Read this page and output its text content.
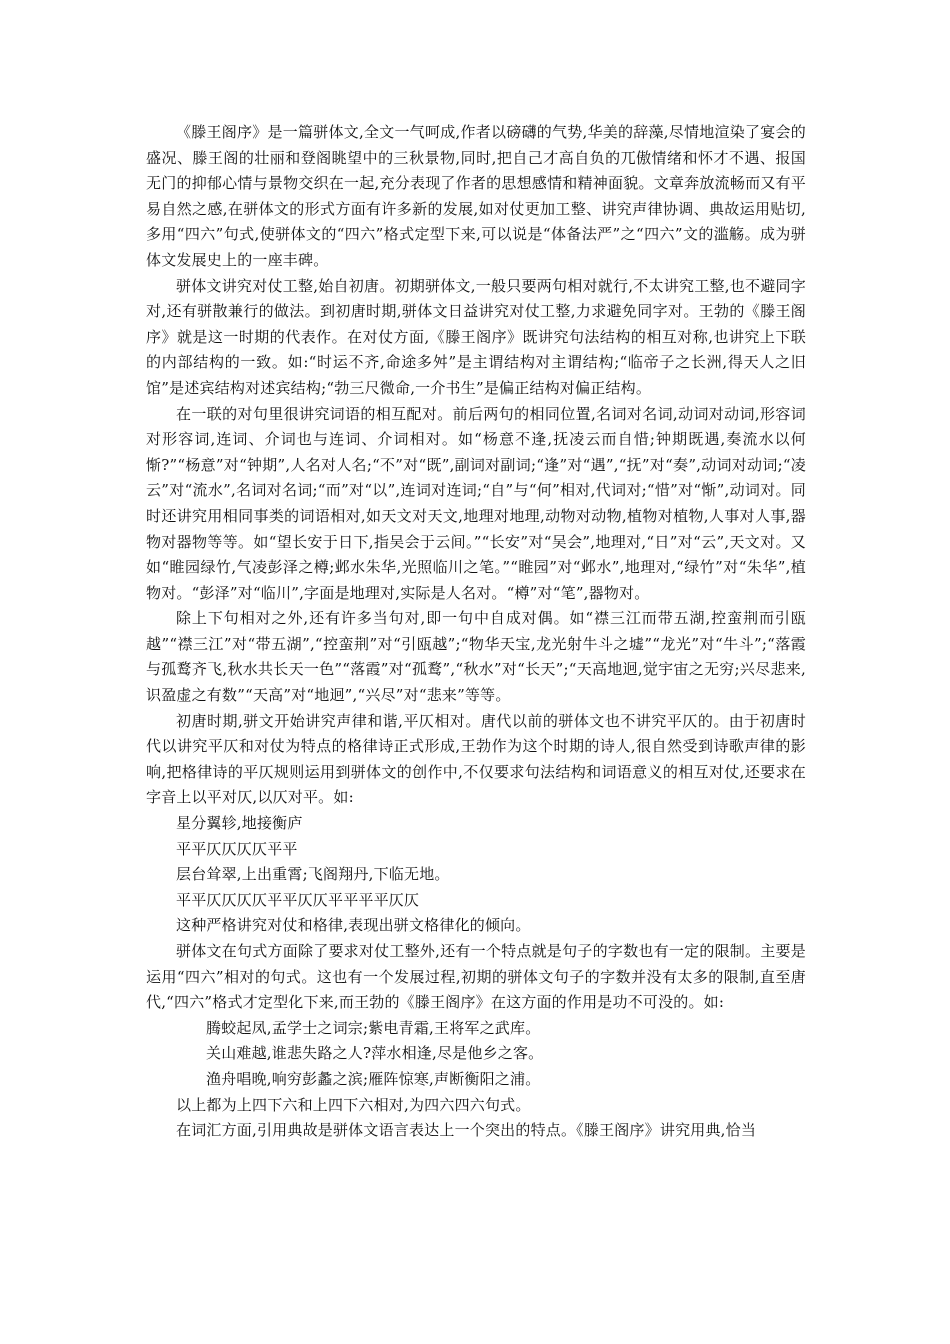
《滕王阁序》是一篇骈体文,全文一气呵成,作者以磅礴的气势,华美的辞藻,尽情地渲染了宴会的盛况、滕王阁的壮丽和登阁眺望中的三秋景物,同时,把自己才高自负的兀傲情绪和怀才不遇、报国无门的抑郁心情与景物交织在一起,充分表现了作者的思想感情和精神面貌。文章奔放流畅而又有平易自然之感,在骈体文的形式方面有许多新的发展,如对仗更加工整、讲究声律协调、典故运用贴切,多用“四六”句式,使骈体文的“四六”格式定型下来,可以说是“体备法严”之“四六”文的滥觞。成为骈体文发展史上的一座丰碑。

骈体文讲究对仗工整,始自初唐。初期骈体文,一般只要两句相对就行,不太讲究工整,也不避同字对,还有骈散兼行的做法。到初唐时期,骈体文日益讲究对仗工整,力求避免同字对。王勃的《滕王阁序》就是这一时期的代表作。在对仗方面,《滕王阁序》既讲究句法结构的相互对称,也讲究上下联的内部结构的一致。如:“时运不齐,命途多舛”是主谓结构对主谓结构;“临帝子之长洲,得天人之旧馆”是述宾结构对述宾结构;“勃三尺微命,一介书生”是偏正结构对偏正结构。

在一联的对句里很讲究词语的相互配对。前后两句的相同位置,名词对名词,动词对动词,形容词对形容词,连词、介词也与连词、介词相对。如“杨意不逢,抚凌云而自惜;钟期既遇,奏流水以何惭?”“杨意”对“钟期”,人名对人名;“不”对“既”,副词对副词;“逢”对“遇”,“抚”对“奏”,动词对动词;“凌云”对“流水”,名词对名词;“而”对“以”,连词对连词;“自”与“何”相对,代词对;“惜”对“惭”,动词对。同时还讲究用相同事类的词语相对,如天文对天文,地理对地理,动物对动物,植物对植物,人事对人事,器物对器物等等。如“望长安于日下,指吴会于云间。”“长安”对“吴会”,地理对,“日”对“云”,天文对。又如“睢园绿竹,气凌彭泽之樽;邺水朱华,光照临川之笔。”“睢园”对“邺水”,地理对,“绿竹”对“朱华”,植物对。“彭泽”对“临川”,字面是地理对,实际是人名对。“樽”对“笔”,器物对。

除上下句相对之外,还有许多当句对,即一句中自成对偶。如“襟三江而带五湖,控蛮荆而引瓯越”“襟三江”对“带五湖”,“控蛮荆”对“引瓯越”;“物华天宝,龙光射牛斗之墟”“龙光”对“牛斗”;“落霞与孤鹜齐飞,秋水共长天一色”“落霞”对“孤鹜”,“秋水”对“长天”;“天高地迥,觉宇宙之无穷;兴尽悲来,识盈虚之有数”“天高”对“地迥”,“兴尽”对“悲来”等等。

初唐时期,骈文开始讲究声律和谐,平仄相对。唐代以前的骈体文也不讲究平仄的。由于初唐时代以讲究平仄和对仗为特点的格律诗正式形成,王勃作为这个时期的诗人,很自然受到诗歌声律的影响,把格律诗的平仄规则运用到骈体文的创作中,不仅要求句法结构和词语意义的相互对仗,还要求在字音上以平对仄,以仄对平。如:

星分翼轸,地接衡庐

平平仄仄仄仄平平

层台耸翠,上出重霄;飞阁翔丹,下临无地。

平平仄仄仄仄平平仄仄平平平平仄仄

这种严格讲究对仗和格律,表现出骈文格律化的倾向。

骈体文在句式方面除了要求对仗工整外,还有一个特点就是句子的字数也有一定的限制。主要是运用“四六”相对的句式。这也有一个发展过程,初期的骈体文句子的字数并没有太多的限制,直至唐代,“四六”格式才定型化下来,而王勃的《滕王阁序》在这方面的作用是功不可没的。如:

腾蛟起凤,孟学士之词宗;紫电青霜,王将军之武库。

关山难越,谁悲失路之人?萍水相逢,尽是他乡之客。

渔舟唱晚,响穷彭蠡之滨;雁阵惊寒,声断衡阳之浦。

以上都为上四下六和上四下六相对,为四六四六句式。

在词汇方面,引用典故是骈体文语言表达上一个突出的特点。《滕王阁序》讲究用典,恰当
